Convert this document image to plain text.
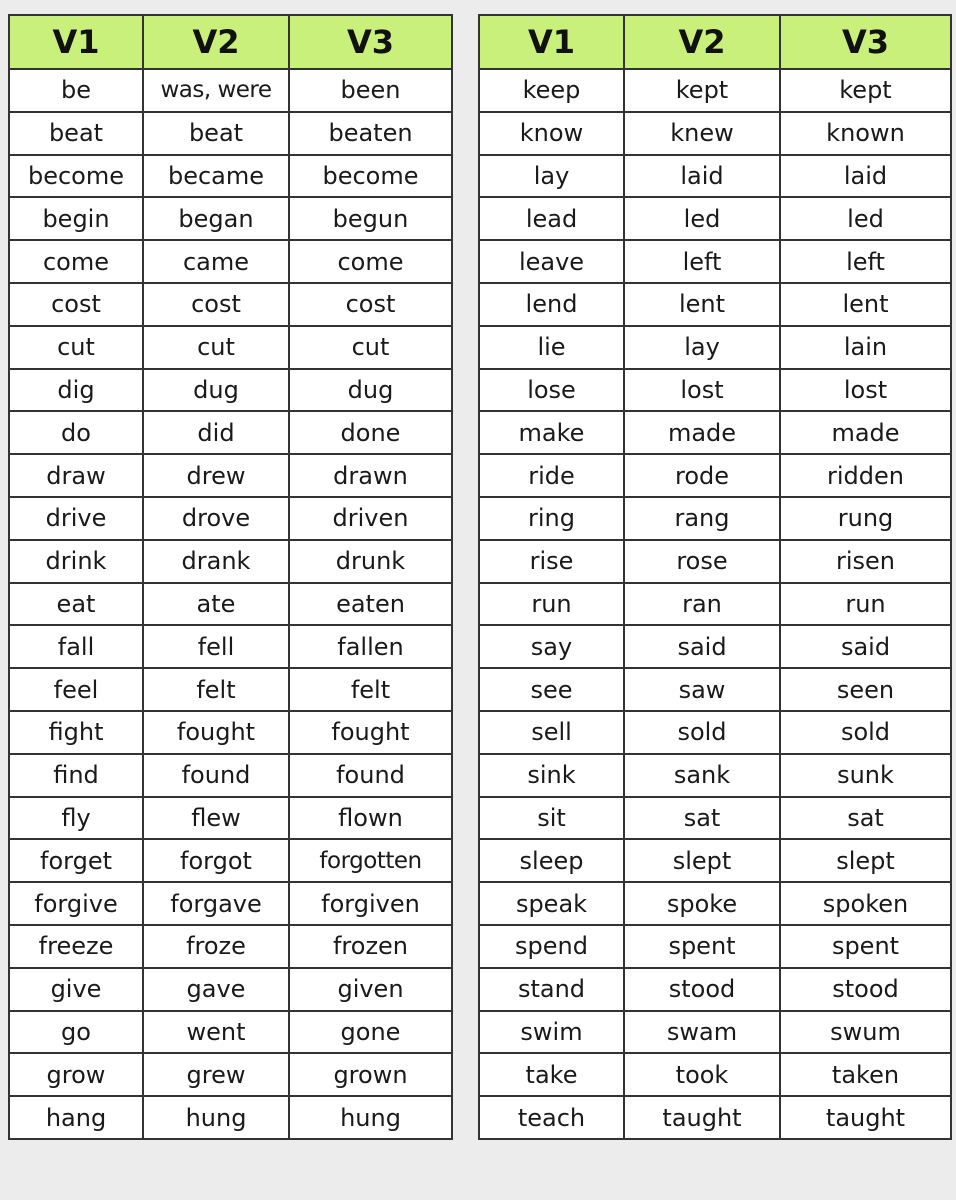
V1	V2	V3
be	was, were	been
beat	beat	beaten
become	became	become
begin	began	begun
come	came	come
cost	cost	cost
cut	cut	cut
dig	dug	dug
do	did	done
draw	drew	drawn
drive	drove	driven
drink	drank	drunk
eat	ate	eaten
fall	fell	fallen
feel	felt	felt
fight	fought	fought
find	found	found
fly	flew	flown
forget	forgot	forgotten
forgive	forgave	forgiven
freeze	froze	frozen
give	gave	given
go	went	gone
grow	grew	grown
hang	hung	hung
V1	V2	V3
keep	kept	kept
know	knew	known
lay	laid	laid
lead	led	led
leave	left	left
lend	lent	lent
lie	lay	lain
lose	lost	lost
make	made	made
ride	rode	ridden
ring	rang	rung
rise	rose	risen
run	ran	run
say	said	said
see	saw	seen
sell	sold	sold
sink	sank	sunk
sit	sat	sat
sleep	slept	slept
speak	spoke	spoken
spend	spent	spent
stand	stood	stood
swim	swam	swum
take	took	taken
teach	taught	taught
